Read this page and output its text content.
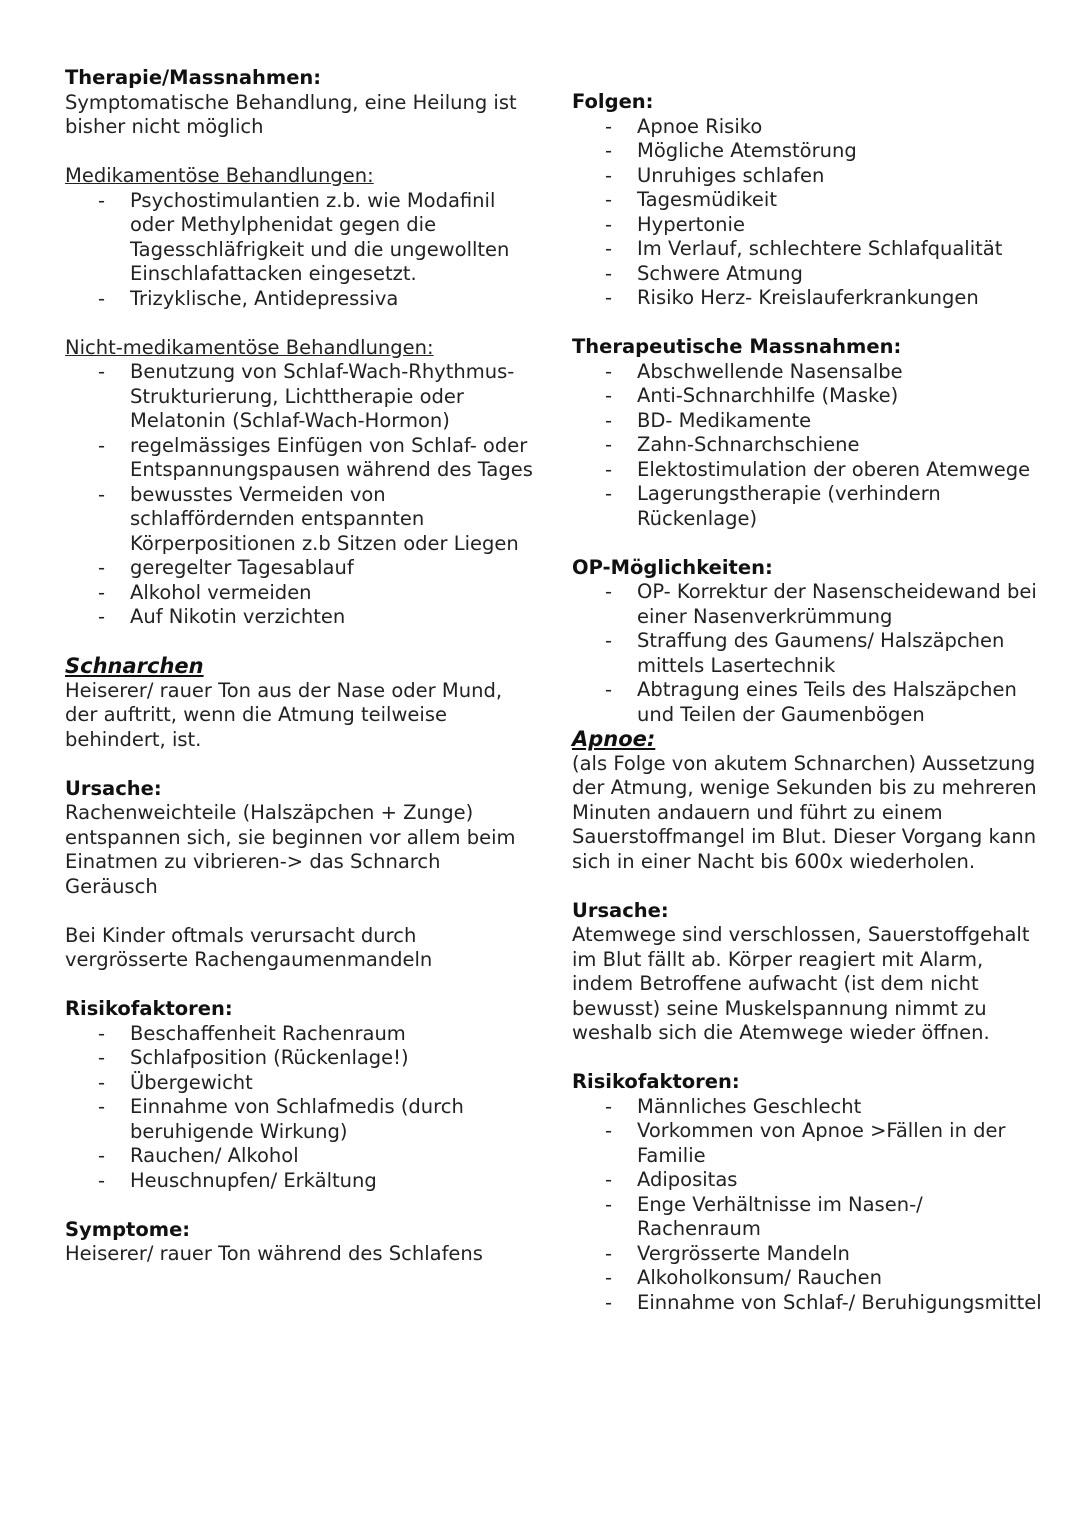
Therapie/Massnahmen:
Symptomatische Behandlung, eine Heilung ist bisher nicht möglich
Medikamentöse Behandlungen:
- Psychostimulantien z.b. wie Modafinil oder Methylphenidat gegen die Tagesschläfrigkeit und die ungewollten Einschlafattacken eingesetzt.
- Trizyklische, Antidepressiva
Nicht-medikamentöse Behandlungen:
- Benutzung von Schlaf-Wach-Rhythmus-Strukturierung, Lichttherapie oder Melatonin (Schlaf-Wach-Hormon)
- regelmässiges Einfügen von Schlaf- oder Entspannungspausen während des Tages
- bewusstes Vermeiden von schlaffördernden entspannten Körperpositionen z.b Sitzen oder Liegen
- geregelter Tagesablauf
- Alkohol vermeiden
- Auf Nikotin verzichten
Schnarchen
Heiserer/ rauer Ton aus der Nase oder Mund, der auftritt, wenn die Atmung teilweise behindert, ist.
Ursache:
Rachenweichteile (Halszäpchen + Zunge) entspannen sich, sie beginnen vor allem beim Einatmen zu vibrieren-> das Schnarch Geräusch
Bei Kinder oftmals verursacht durch vergrösserte Rachengaumenmandeln
Risikofaktoren:
- Beschaffenheit Rachenraum
- Schlafposition (Rückenlage!)
- Übergewicht
- Einnahme von Schlafmedis (durch beruhigende Wirkung)
- Rauchen/ Alkohol
- Heuschnupfen/ Erkältung
Symptome:
Heiserer/ rauer Ton während des Schlafens
Folgen:
- Apnoe Risiko
- Mögliche Atemstörung
- Unruhiges schlafen
- Tagesmüdikeit
- Hypertonie
- Im Verlauf, schlechtere Schlafqualität
- Schwere Atmung
- Risiko Herz- Kreislauferkrankungen
Therapeutische Massnahmen:
- Abschwellende Nasensalbe
- Anti-Schnarchhilfe (Maske)
- BD- Medikamente
- Zahn-Schnarchschiene
- Elektostimulation der oberen Atemwege
- Lagerungstherapie (verhindern Rückenlage)
OP-Möglichkeiten:
- OP- Korrektur der Nasenscheidewand bei einer Nasenverkrümmung
- Straffung des Gaumens/ Halszäpchen mittels Lasertechnik
- Abtragung eines Teils des Halszäpchen und Teilen der Gaumenbögen
Apnoe:
(als Folge von akutem Schnarchen) Aussetzung der Atmung, wenige Sekunden bis zu mehreren Minuten andauern und führt zu einem Sauerstoffmangel im Blut. Dieser Vorgang kann sich in einer Nacht bis 600x wiederholen.
Ursache:
Atemwege sind verschlossen, Sauerstoffgehalt im Blut fällt ab. Körper reagiert mit Alarm, indem Betroffene aufwacht (ist dem nicht bewusst) seine Muskelspannung nimmt zu weshalb sich die Atemwege wieder öffnen.
Risikofaktoren:
- Männliches Geschlecht
- Vorkommen von Apnoe >Fällen in der Familie
- Adipositas
- Enge Verhältnisse im Nasen-/ Rachenraum
- Vergrösserte Mandeln
- Alkoholkonsum/ Rauchen
- Einnahme von Schlaf-/ Beruhigungsmittel
